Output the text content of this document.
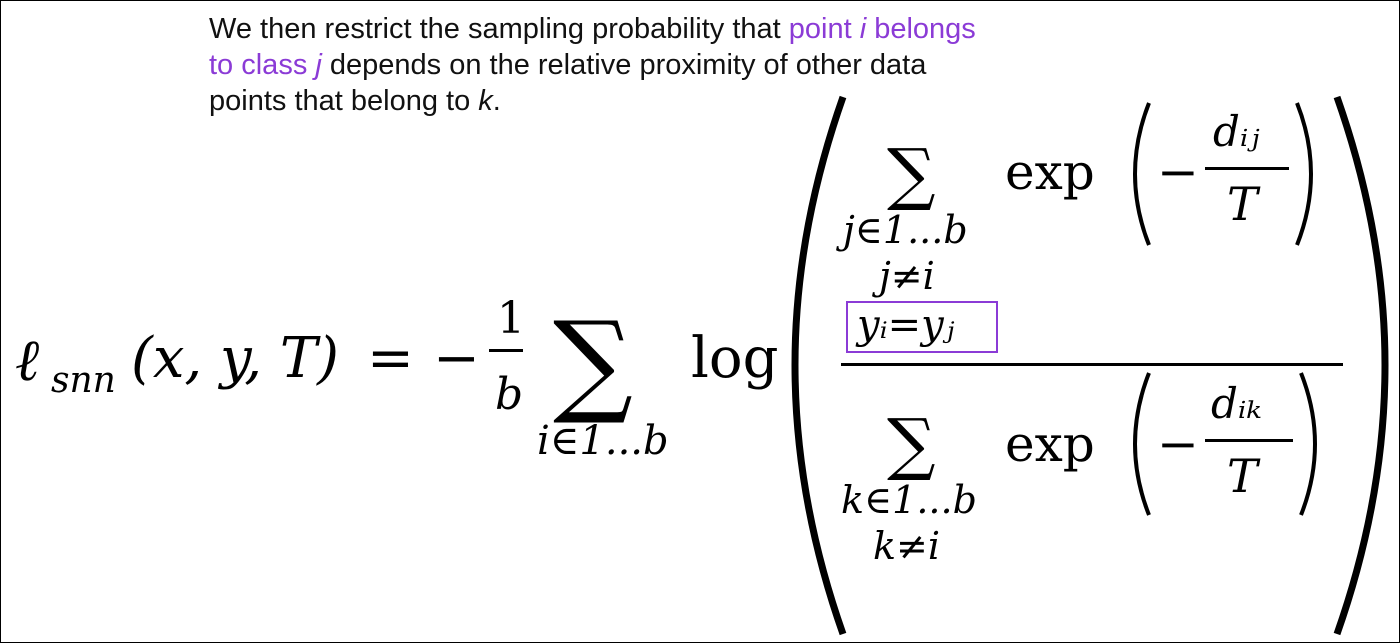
We then restrict the sampling probability that point i belongs
to class j depends on the relative proximity of other data
points that belong to k.
ℓ snn (x, y, T) = −
1
b ∑
i∈1...b
log
∑
j∈1...b
j≠i
yᵢ=yⱼ
exp −
dᵢⱼ
T
∑
k∈1...b
k≠i
exp −
dᵢₖ
T
